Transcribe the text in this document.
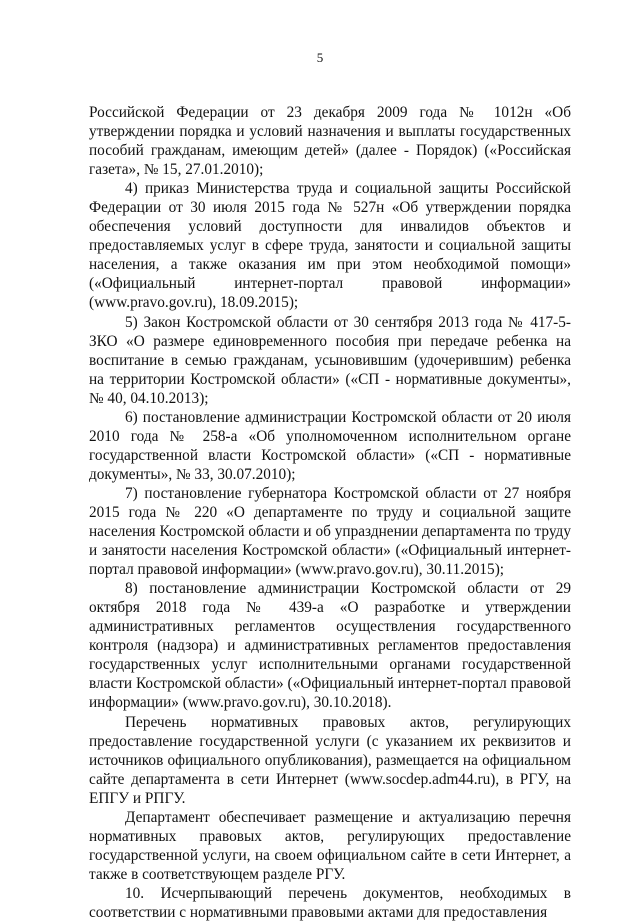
5

Российской Федерации от 23 декабря 2009 года № 1012н «Об утверждении порядка и условий назначения и выплаты государственных пособий гражданам, имеющим детей» (далее - Порядок) («Российская газета», № 15, 27.01.2010);

4) приказ Министерства труда и социальной защиты Российской Федерации от 30 июля 2015 года № 527н «Об утверждении порядка обеспечения условий доступности для инвалидов объектов и предоставляемых услуг в сфере труда, занятости и социальной защиты населения, а также оказания им при этом необходимой помощи» («Официальный интернет-портал правовой информации» (www.pravo.gov.ru), 18.09.2015);

5) Закон Костромской области от 30 сентября 2013 года № 417-5-ЗКО «О размере единовременного пособия при передаче ребенка на воспитание в семью гражданам, усыновившим (удочерившим) ребенка на территории Костромской области» («СП - нормативные документы», № 40, 04.10.2013);

6) постановление администрации Костромской области от 20 июля 2010 года № 258-а «Об уполномоченном исполнительном органе государственной власти Костромской области» («СП - нормативные документы», № 33, 30.07.2010);

7) постановление губернатора Костромской области от 27 ноября 2015 года № 220 «О департаменте по труду и социальной защите населения Костромской области и об упразднении департамента по труду и занятости населения Костромской области» («Официальный интернет-портал правовой информации» (www.pravo.gov.ru), 30.11.2015);

8) постановление администрации Костромской области от 29 октября 2018 года № 439-а «О разработке и утверждении административных регламентов осуществления государственного контроля (надзора) и административных регламентов предоставления государственных услуг исполнительными органами государственной власти Костромской области» («Официальный интернет-портал правовой информации» (www.pravo.gov.ru), 30.10.2018).

Перечень нормативных правовых актов, регулирующих предоставление государственной услуги (с указанием их реквизитов и источников официального опубликования), размещается на официальном сайте департамента в сети Интернет (www.socdep.adm44.ru), в РГУ, на ЕПГУ и РПГУ.

Департамент обеспечивает размещение и актуализацию перечня нормативных правовых актов, регулирующих предоставление государственной услуги, на своем официальном сайте в сети Интернет, а также в соответствующем разделе РГУ.

10. Исчерпывающий перечень документов, необходимых в соответствии с нормативными правовыми актами для предоставления
